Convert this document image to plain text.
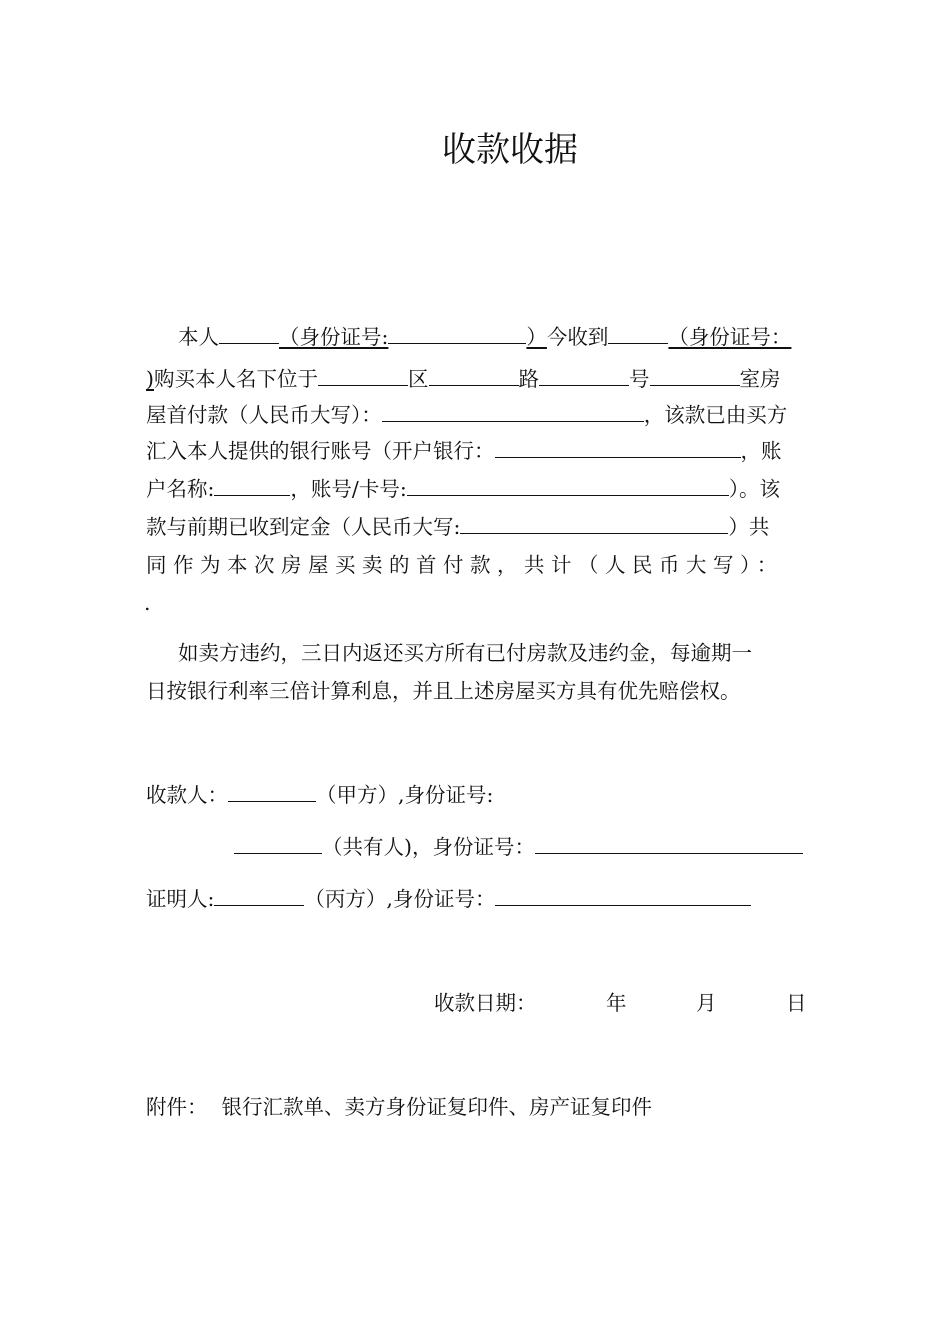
收款收据
本人	（身份证号:	）今收到	（身份证号：
)购买本人名下位于	区	路	号	室房
屋首付款（人民币大写）：	，该款已由买方
汇入本人提供的银行账号（开户银行：	，账
户名称:	，账号/卡号:	）。该
款与前期已收到定金（人民币大写:	）共
同作为本次房屋买卖的首付款，共计（人民币大写）：
.
如卖方违约，三日内返还买方所有已付房款及违约金，每逾期一
日按银行利率三倍计算利息，并且上述房屋买方具有优先赔偿权。
收款人：	（甲方）,身份证号:
（共有人)，身份证号：
证明人:	（丙方）,身份证号：
收款日期：	年	月	日
附件： 银行汇款单、卖方身份证复印件、房产证复印件
